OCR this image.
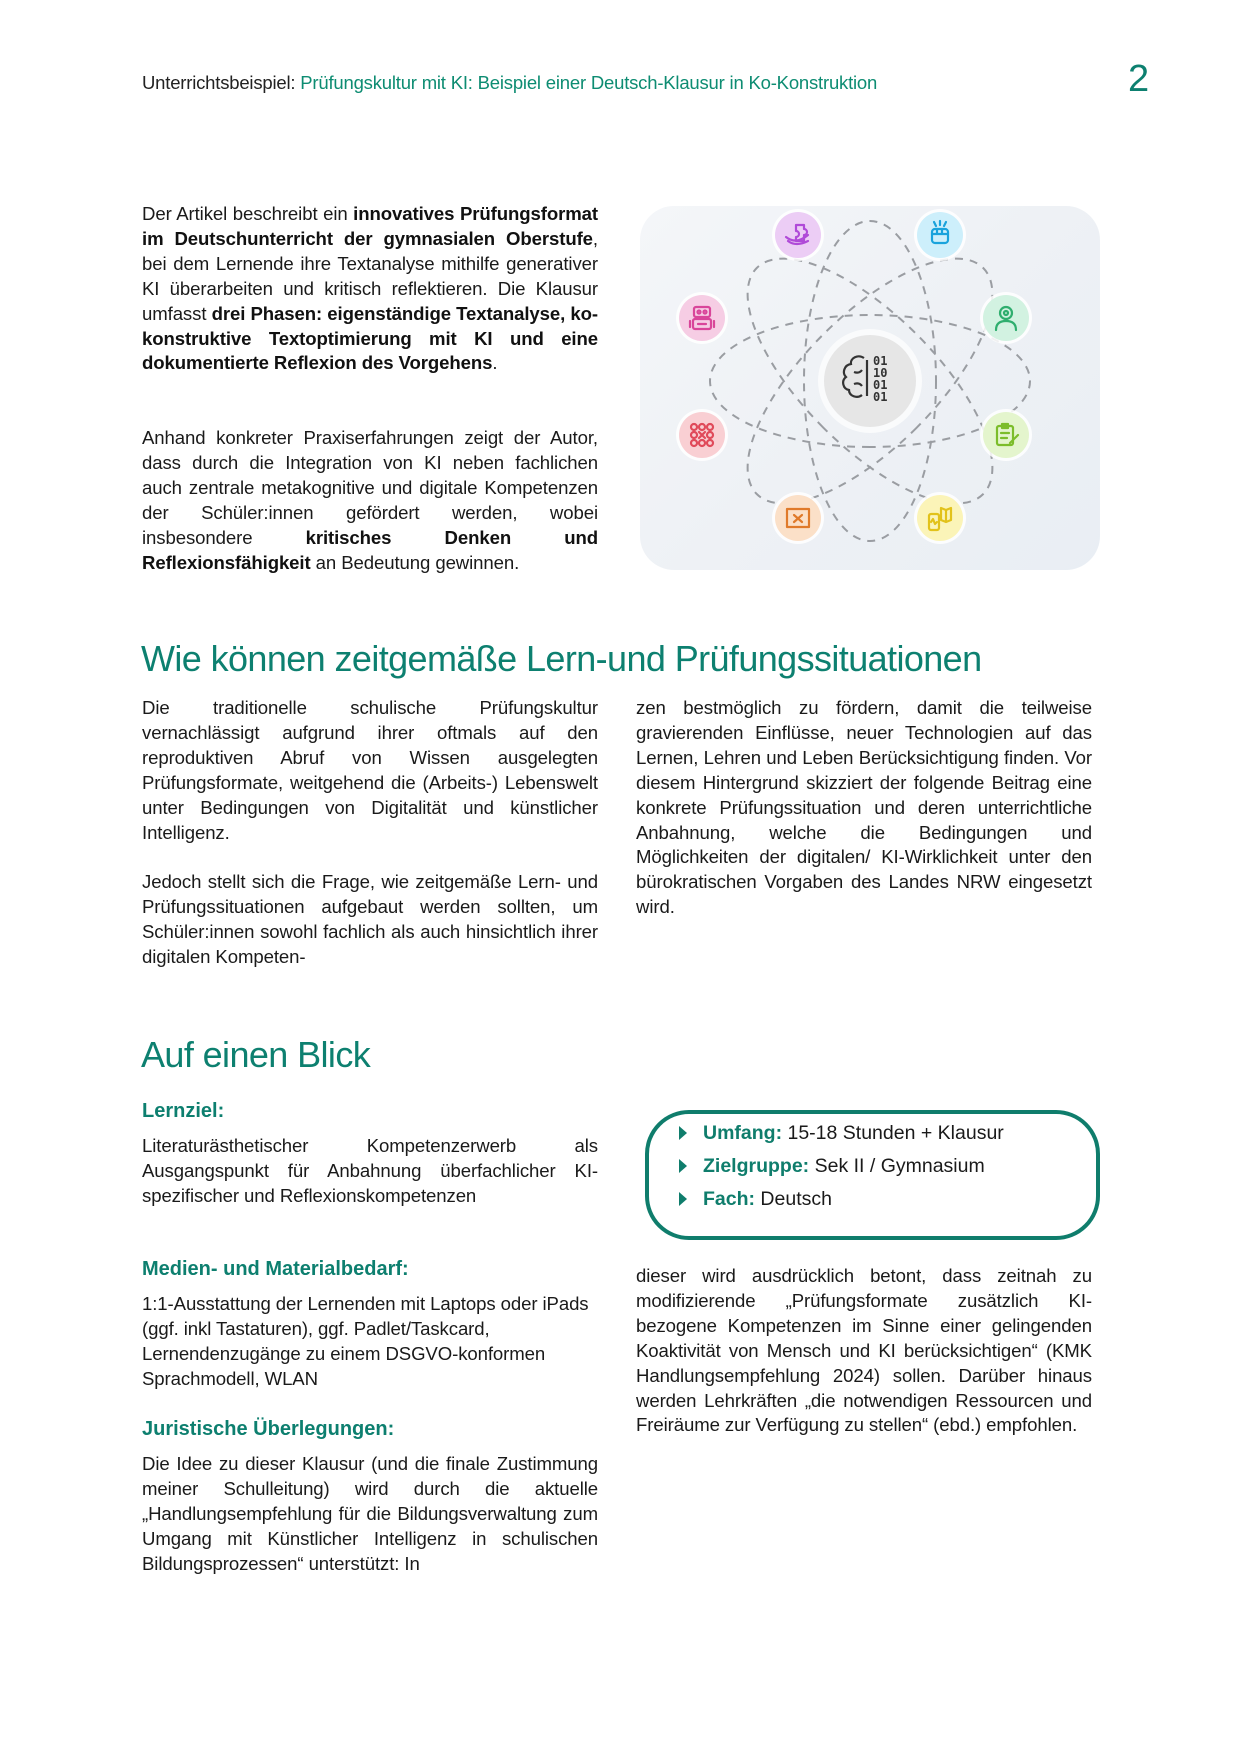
Unterrichtsbeispiel: Prüfungskultur mit KI: Beispiel einer Deutsch-Klausur in Ko-Konstruktion	2
Der Artikel beschreibt ein innovatives Prüfungsformat im Deutschunterricht der gymnasialen Oberstufe, bei dem Lernende ihre Textanalyse mithilfe generativer KI überarbeiten und kritisch reflektieren. Die Klausur umfasst drei Phasen: eigenständige Textanalyse, ko-konstruktive Textoptimierung mit KI und eine dokumentierte Reflexion des Vorgehens.
Anhand konkreter Praxiserfahrungen zeigt der Autor, dass durch die Integration von KI neben fachlichen auch zentrale metakognitive und digitale Kompetenzen der Schüler:innen gefördert werden, wobei insbesondere kritisches Denken und Reflexionsfähigkeit an Bedeutung gewinnen.
01
10
01
01
Wie können zeitgemäße Lern-und Prüfungssituationen
Die traditionelle schulische Prüfungskultur vernachlässigt aufgrund ihrer oftmals auf den reproduktiven Abruf von Wissen ausgelegten Prüfungsformate, weitgehend die (Arbeits-) Lebenswelt unter Bedingungen von Digitalität und künstlicher Intelligenz.
Jedoch stellt sich die Frage, wie zeitgemäße Lern- und Prüfungssituationen aufgebaut werden sollten, um Schüler:innen sowohl fachlich als auch hinsichtlich ihrer digitalen Kompeten-
zen bestmöglich zu fördern, damit die teilweise gravierenden Einflüsse, neuer Technologien auf das Lernen, Lehren und Leben Berücksichtigung finden. Vor diesem Hintergrund skizziert der folgende Beitrag eine konkrete Prüfungssituation und deren unterrichtliche Anbahnung, welche die Bedingungen und Möglichkeiten der digitalen/ KI-Wirklichkeit unter den bürokratischen Vorgaben des Landes NRW eingesetzt wird.
Auf einen Blick
Lernziel:
Literaturästhetischer Kompetenzerwerb als Ausgangspunkt für Anbahnung überfachlicher KI-spezifischer und Reflexionskompetenzen
Umfang: 15-18 Stunden + Klausur
Zielgruppe: Sek II / Gymnasium
Fach: Deutsch
Medien- und Materialbedarf:
1:1-Ausstattung der Lernenden mit Laptops oder iPads (ggf. inkl Tastaturen), ggf. Padlet/Taskcard, Lernendenzugänge zu einem DSGVO-konformen Sprachmodell, WLAN
Juristische Überlegungen:
Die Idee zu dieser Klausur (und die finale Zustimmung meiner Schulleitung) wird durch die aktuelle „Handlungsempfehlung für die Bildungsverwaltung zum Umgang mit Künstlicher Intelligenz in schulischen Bildungsprozessen“ unterstützt: In
dieser wird ausdrücklich betont, dass zeitnah zu modifizierende „Prüfungsformate zusätzlich KI-bezogene Kompetenzen im Sinne einer gelingenden Koaktivität von Mensch und KI berücksichtigen“ (KMK Handlungsempfehlung 2024) sollen. Darüber hinaus werden Lehrkräften „die notwendigen Ressourcen und Freiräume zur Verfügung zu stellen“ (ebd.) empfohlen.
